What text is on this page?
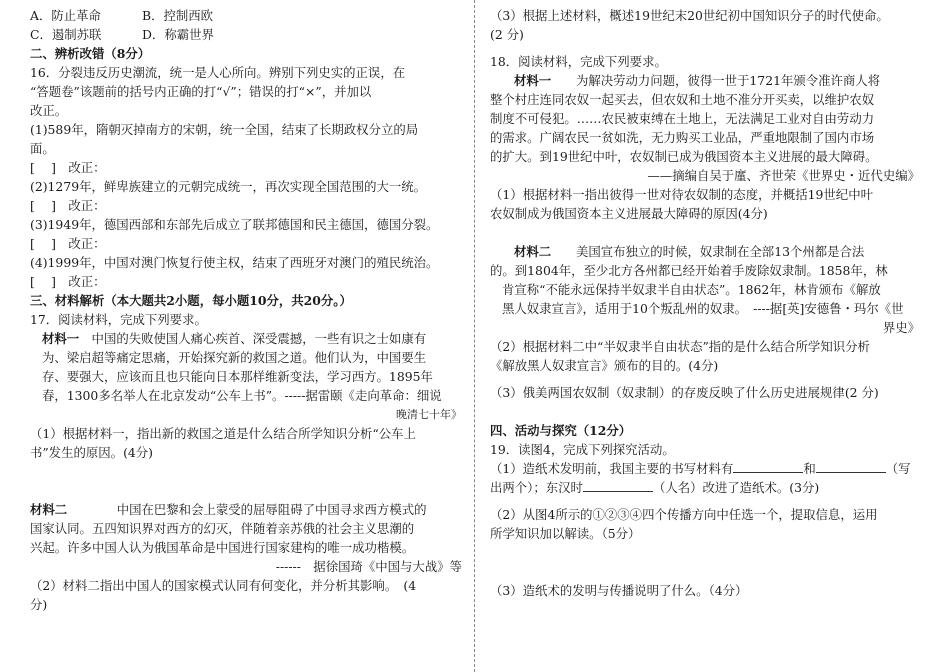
A．防止革命	B．控制西欧
C．遏制苏联	D．称霸世界
二、辨析改错（8分）
16．分裂违反历史潮流，统一是人心所向。辨别下列史实的正误，在
“答题卷”该题前的括号内正确的打“√”；错误的打“×”，并加以
改正。
(1)589年，隋朝灭掉南方的宋朝，统一全国，结束了长期政权分立的局
面。
[　 ]　改正：
(2)1279年，鲜卑族建立的元朝完成统一，再次实现全国范围的大一统。
[　 ]　改正：
(3)1949年，德国西部和东部先后成立了联邦德国和民主德国，德国分裂。
[　 ]　改正：
(4)1999年，中国对澳门恢复行使主权，结束了西班牙对澳门的殖民统治。
[　 ]　改正：
三、材料解析（本大题共2小题，每小题10分，共20分。）
17．阅读材料，完成下列要求。
材料一　中国的失败使国人痛心疾首、深受震撼，一些有识之士如康有
为、梁启超等痛定思痛，开始探究新的救国之道。他们认为，中国要生
存、要强大，应该而且也只能向日本那样维新变法，学习西方。1895年
春，1300多名举人在北京发动“公车上书”。-----据雷颐《走向革命：细说
晚清七十年》
（1）根据材料一，指出新的救国之道是什么结合所学知识分析“公车上
书”发生的原因。(4分)
材料二　　　　中国在巴黎和会上蒙受的屈辱阻碍了中国寻求西方模式的
国家认同。五四知识界对西方的幻灭，伴随着亲苏俄的社会主义思潮的
兴起。许多中国人认为俄国革命是中国进行国家建构的唯一成功楷模。
------　据徐国琦《中国与大战》等
（2）材料二指出中国人的国家模式认同有何变化，并分析其影响。　(4
分)
（3）根据上述材料，概述19世纪末20世纪初中国知识分子的时代使命。
(2 分)
18．阅读材料，完成下列要求。
材料一　　为解决劳动力问题，彼得一世于1721年颁令准许商人将
整个村庄连同农奴一起买去，但农奴和土地不准分开买卖，以维护农奴
制度不可侵犯。……农民被束缚在土地上，无法满足工业对自由劳动力
的需求。广阔农民一贫如洗，无力购买工业品，严重地限制了国内市场
的扩大。到19世纪中叶，农奴制已成为俄国资本主义进展的最大障碍。
——摘编自吴于廑、齐世荣《世界史・近代史编》
（1）根据材料一指出彼得一世对待农奴制的态度，并概括19世纪中叶
农奴制成为俄国资本主义进展最大障碍的原因(4分)
材料二　　美国宣布独立的时候，奴隶制在全部13个州都是合法
的。到1804年，至少北方各州都已经开始着手废除奴隶制。1858年，林
肯宣称“不能永远保持半奴隶半自由状态”。1862年，林肯颁布《解放
黑人奴隶宣言》，适用于10个叛乱州的奴隶。　----据[英]安德鲁・玛尔《世
界史》
（2）根据材料二中“半奴隶半自由状态”指的是什么结合所学知识分析
《解放黑人奴隶宣言》颁布的目的。(4分)
（3）俄美两国农奴制（奴隶制）的存废反映了什么历史进展规律(2 分)
四、活动与探究（12分）
19．读图4，完成下列探究活动。
（1）造纸术发明前，我国主要的书写材料有	和	（写
出两个）；东汉时	（人名）改进了造纸术。(3分)
（2）从图4所示的①②③④四个传播方向中任选一个，提取信息，运用
所学知识加以解读。（5分）
（3）造纸术的发明与传播说明了什么。（4分）
